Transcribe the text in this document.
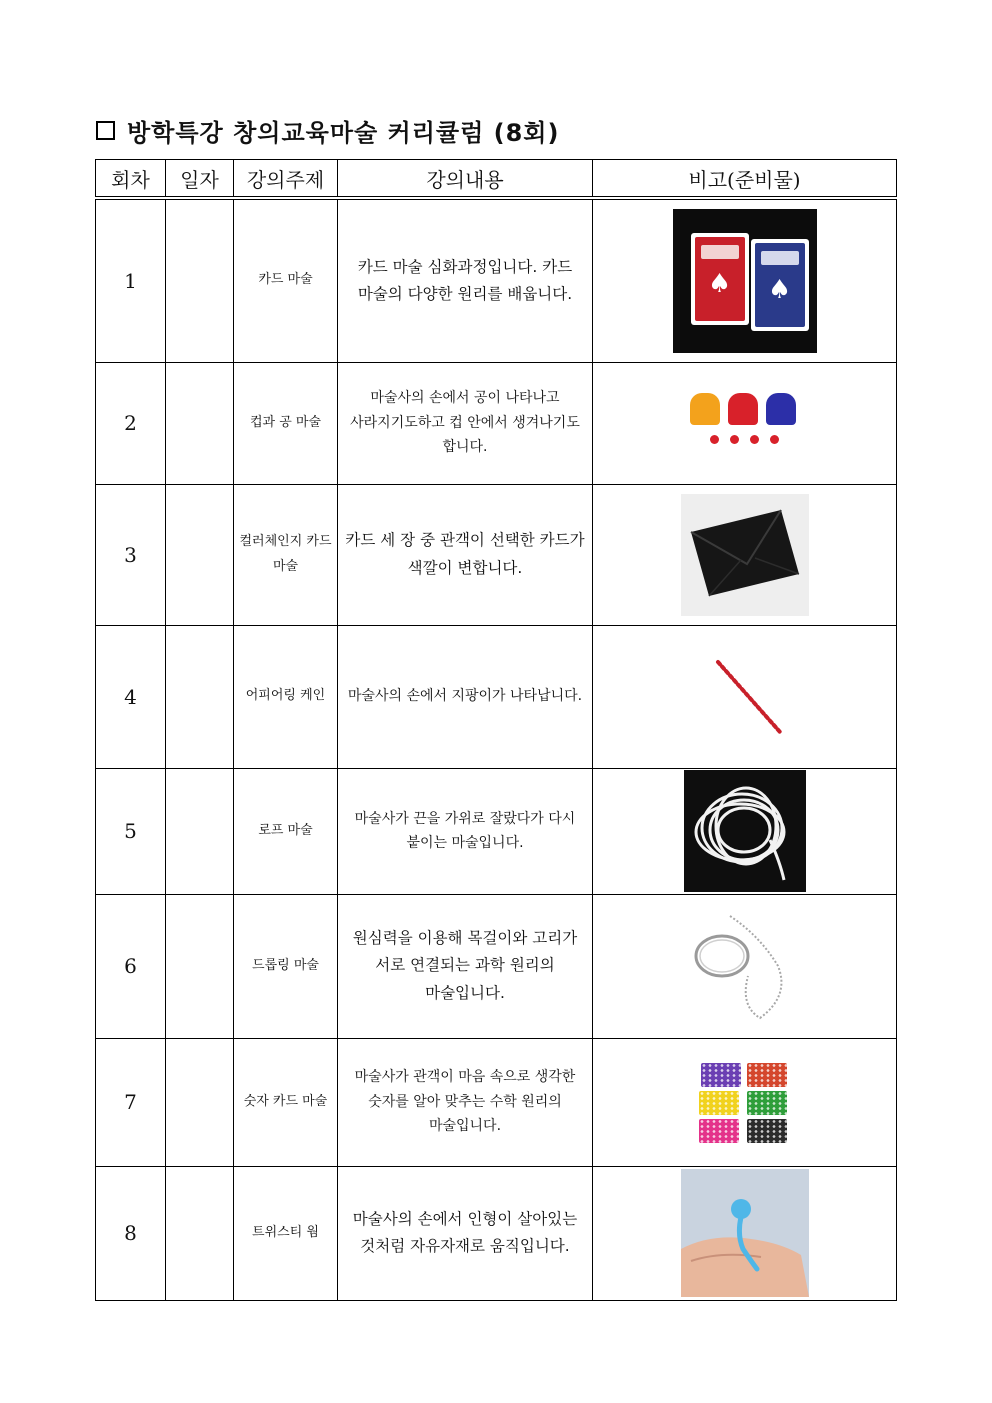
방학특강 창의교육마술 커리큘럼 (8회)
회차	일자	강의주제	강의내용	비고(준비물)
1		카드 마술	카드 마술 심화과정입니다. 카드 마술의 다양한 원리를 배웁니다.	♠ ♠

2		컵과 공 마술	마술사의 손에서 공이 나타나고 사라지기도하고 컵 안에서 생겨나기도 합니다.	

3		컬러체인지 카드 마술	카드 세 장 중 관객이 선택한 카드가 색깔이 변합니다.	
4		어피어링 케인	마술사의 손에서 지팡이가 나타납니다.	
5		로프 마술	마술사가 끈을 가위로 잘랐다가 다시 붙이는 마술입니다.	
6		드롭링 마술	원심력을 이용해 목걸이와 고리가 서로 연결되는 과학 원리의 마술입니다.	
7		숫자 카드 마술	마술사가 관객이 마음 속으로 생각한 숫자를 알아 맞추는 수학 원리의 마술입니다.	

8		트위스티 웜	마술사의 손에서 인형이 살아있는 것처럼 자유자재로 움직입니다.	
